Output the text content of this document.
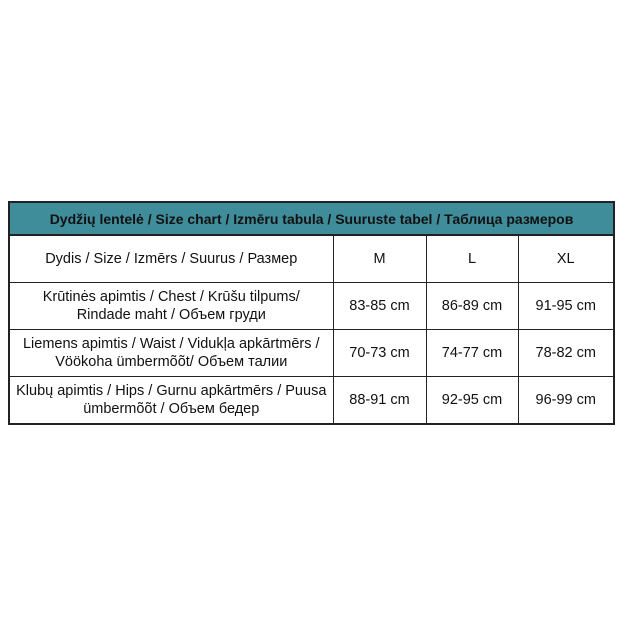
Dydžių lentelė / Size chart / Izmēru tabula / Suuruste tabel / Таблица размеров			
Dydis / Size / Izmērs / Suurus / Размер	M	L	XL

Krūtinės apimtis / Chest / Krūšu tilpums/
Rindade maht / Объем груди	83-85 cm	86-89 cm	91-95 cm

Liemens apimtis / Waist / Vidukļa apkārtmērs /
Vöökoha ümbermõõt/ Объем талии	70-73 cm	74-77 cm	78-82 cm

Klubų apimtis / Hips / Gurnu apkārtmērs / Puusa
ümbermõõt / Объем бедер	88-91 cm	92-95 cm	96-99 cm
